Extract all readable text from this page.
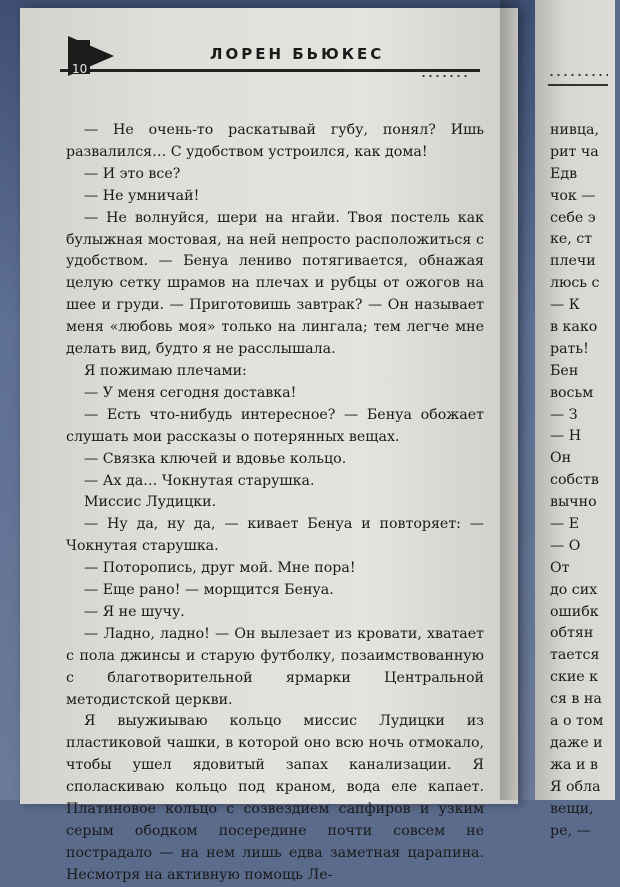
нивца,
рит ча
Едв
чок —
себе э
ке, ст
плечи
люсь с
— К
в како
рать!
Бен
восьм
— З
— Н
Он
собств
вычно
— Е
— О
От
до сих
ошибк
обтян
тается
ские к
ся в на
а о том
даже и
жа и в
Я обла
вещи,
ре, —
10
ЛОРЕН БЬЮКЕС

— Не очень-то раскатывай губу, понял? Ишь развалился… С удобством устроился, как дома!

— И это все?

— Не умничай!

— Не волнуйся, шери на нгайи. Твоя постель как булыжная мостовая, на ней непросто расположиться с удобством. — Бенуа лениво потягивается, обнажая целую сетку шрамов на плечах и рубцы от ожогов на шее и груди. — Приготовишь завтрак? — Он называет меня «любовь моя» только на лингала; тем легче мне делать вид, будто я не расслышала.

Я пожимаю плечами:

— У меня сегодня доставка!

— Есть что-нибудь интересное? — Бенуа обожает слушать мои рассказы о потерянных вещах.

— Связка ключей и вдовье кольцо.

— Ах да… Чокнутая старушка.

Миссис Лудицки.

— Ну да, ну да, — кивает Бенуа и повторяет: — Чокнутая старушка.

— Поторопись, друг мой. Мне пора!

— Еще рано! — морщится Бенуа.

— Я не шучу.

— Ладно, ладно! — Он вылезает из кровати, хватает с пола джинсы и старую футболку, позаимствованную с благотворительной ярмарки Центральной методистской церкви.

Я выужиываю кольцо миссис Лудицки из пластиковой чашки, в которой оно всю ночь отмокало, чтобы ушел ядовитый запах канализации. Я споласкиваю кольцо под краном, вода еле капает. Платиновое кольцо с созвездием сапфиров и узким серым ободком посередине почти совсем не пострадало — на нем лишь едва заметная царапина. Несмотря на активную помощь Ле-
